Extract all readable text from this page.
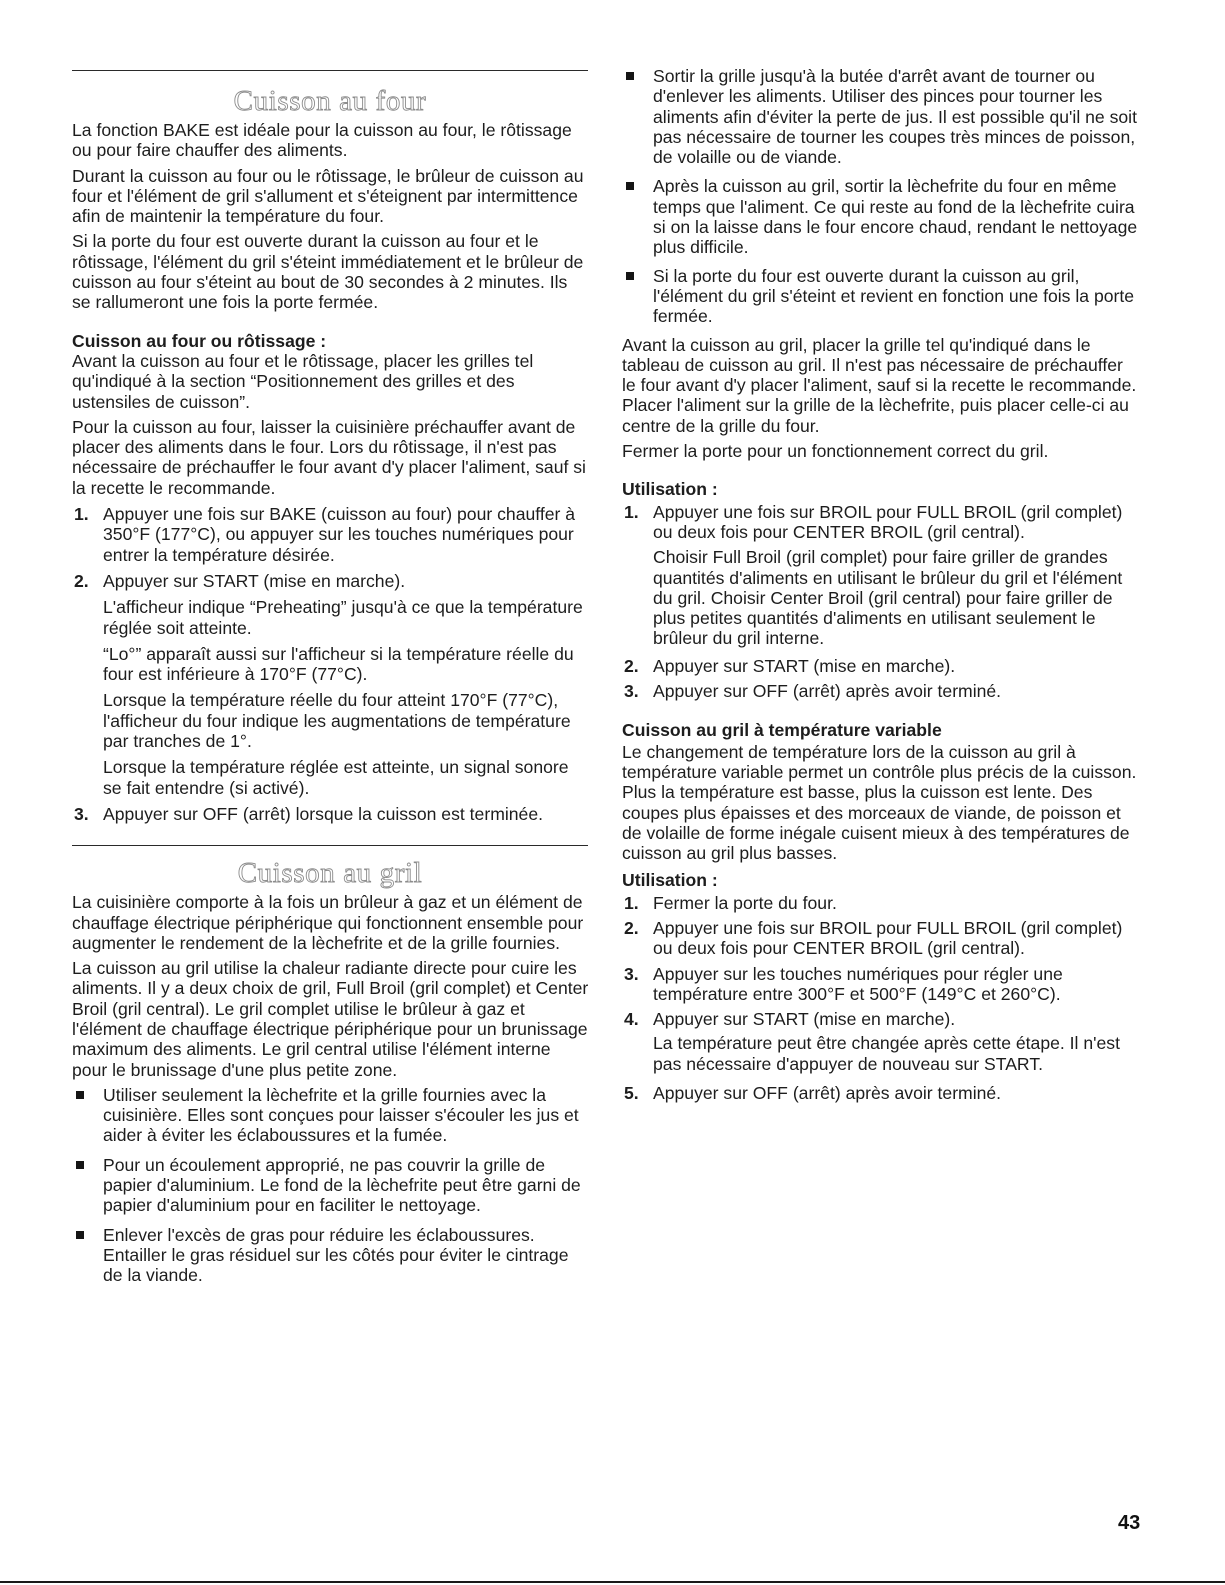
Cuisson au four
La fonction BAKE est idéale pour la cuisson au four, le rôtissage ou pour faire chauffer des aliments.
Durant la cuisson au four ou le rôtissage, le brûleur de cuisson au four et l'élément de gril s'allument et s'éteignent par intermittence afin de maintenir la température du four.
Si la porte du four est ouverte durant la cuisson au four et le rôtissage, l'élément du gril s'éteint immédiatement et le brûleur de cuisson au four s'éteint au bout de 30 secondes à 2 minutes. Ils se rallumeront une fois la porte fermée.
Cuisson au four ou rôtissage :
Avant la cuisson au four et le rôtissage, placer les grilles tel qu'indiqué à la section “Positionnement des grilles et des ustensiles de cuisson”.
Pour la cuisson au four, laisser la cuisinière préchauffer avant de placer des aliments dans le four. Lors du rôtissage, il n'est pas nécessaire de préchauffer le four avant d'y placer l'aliment, sauf si la recette le recommande.
1. Appuyer une fois sur BAKE (cuisson au four) pour chauffer à 350°F (177°C), ou appuyer sur les touches numériques pour entrer la température désirée.
2. Appuyer sur START (mise en marche).
L'afficheur indique “Preheating” jusqu'à ce que la température réglée soit atteinte.
“Lo°” apparaît aussi sur l'afficheur si la température réelle du four est inférieure à 170°F (77°C).
Lorsque la température réelle du four atteint 170°F (77°C), l'afficheur du four indique les augmentations de température par tranches de 1°.
Lorsque la température réglée est atteinte, un signal sonore se fait entendre (si activé).
3. Appuyer sur OFF (arrêt) lorsque la cuisson est terminée.
Cuisson au gril
La cuisinière comporte à la fois un brûleur à gaz et un élément de chauffage électrique périphérique qui fonctionnent ensemble pour augmenter le rendement de la lèchefrite et de la grille fournies.
La cuisson au gril utilise la chaleur radiante directe pour cuire les aliments. Il y a deux choix de gril, Full Broil (gril complet) et Center Broil (gril central). Le gril complet utilise le brûleur à gaz et l'élément de chauffage électrique périphérique pour un brunissage maximum des aliments. Le gril central utilise l'élément interne pour le brunissage d'une plus petite zone.
Utiliser seulement la lèchefrite et la grille fournies avec la cuisinière. Elles sont conçues pour laisser s'écouler les jus et aider à éviter les éclaboussures et la fumée.
Pour un écoulement approprié, ne pas couvrir la grille de papier d'aluminium. Le fond de la lèchefrite peut être garni de papier d'aluminium pour en faciliter le nettoyage.
Enlever l'excès de gras pour réduire les éclaboussures. Entailler le gras résiduel sur les côtés pour éviter le cintrage de la viande.
Sortir la grille jusqu'à la butée d'arrêt avant de tourner ou d'enlever les aliments. Utiliser des pinces pour tourner les aliments afin d'éviter la perte de jus. Il est possible qu'il ne soit pas nécessaire de tourner les coupes très minces de poisson, de volaille ou de viande.
Après la cuisson au gril, sortir la lèchefrite du four en même temps que l'aliment. Ce qui reste au fond de la lèchefrite cuira si on la laisse dans le four encore chaud, rendant le nettoyage plus difficile.
Si la porte du four est ouverte durant la cuisson au gril, l'élément du gril s'éteint et revient en fonction une fois la porte fermée.
Avant la cuisson au gril, placer la grille tel qu'indiqué dans le tableau de cuisson au gril. Il n'est pas nécessaire de préchauffer le four avant d'y placer l'aliment, sauf si la recette le recommande. Placer l'aliment sur la grille de la lèchefrite, puis placer celle-ci au centre de la grille du four.
Fermer la porte pour un fonctionnement correct du gril.
Utilisation :
1. Appuyer une fois sur BROIL pour FULL BROIL (gril complet) ou deux fois pour CENTER BROIL (gril central).
Choisir Full Broil (gril complet) pour faire griller de grandes quantités d'aliments en utilisant le brûleur du gril et l'élément du gril. Choisir Center Broil (gril central) pour faire griller de plus petites quantités d'aliments en utilisant seulement le brûleur du gril interne.
2. Appuyer sur START (mise en marche).
3. Appuyer sur OFF (arrêt) après avoir terminé.
Cuisson au gril à température variable
Le changement de température lors de la cuisson au gril à température variable permet un contrôle plus précis de la cuisson. Plus la température est basse, plus la cuisson est lente. Des coupes plus épaisses et des morceaux de viande, de poisson et de volaille de forme inégale cuisent mieux à des températures de cuisson au gril plus basses.
Utilisation :
1. Fermer la porte du four.
2. Appuyer une fois sur BROIL pour FULL BROIL (gril complet) ou deux fois pour CENTER BROIL (gril central).
3. Appuyer sur les touches numériques pour régler une température entre 300°F et 500°F (149°C et 260°C).
4. Appuyer sur START (mise en marche).
La température peut être changée après cette étape. Il n'est pas nécessaire d'appuyer de nouveau sur START.
5. Appuyer sur OFF (arrêt) après avoir terminé.
43
